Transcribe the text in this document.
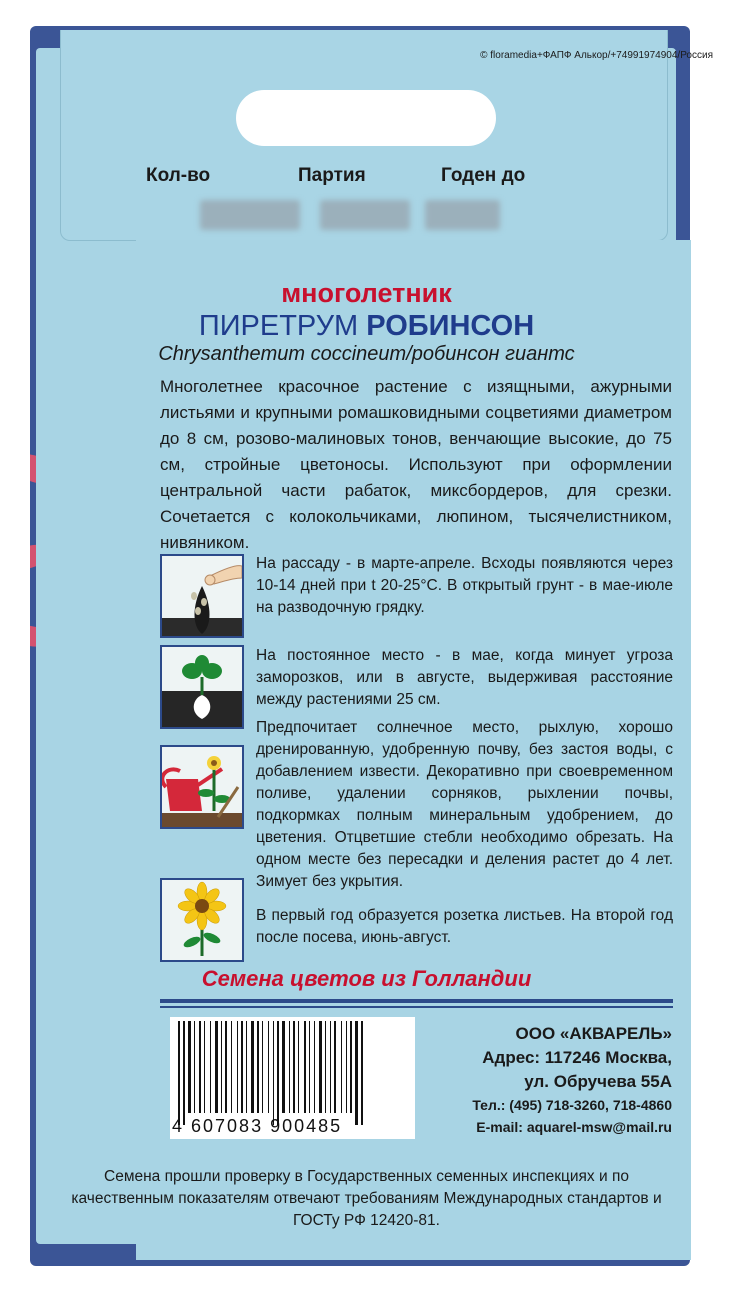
© floramedia+ФАПФ Алькор/+74991974904/Россия
Кол-во	Партия	Годен до
многолетник
ПИРЕТРУМ РОБИНСОН
Chrysanthemum coccineum/робинсон гиантс
Многолетнее красочное растение с изящными, ажурными листьями и крупными ромашковидными соцветиями диаметром до 8 см, розово-малиновых тонов, венчающие высокие, до 75 см, стройные цветоносы. Используют при оформлении центральной части рабаток, миксбордеров, для срезки. Сочетается с колокольчиками, люпином, тысячелистником, нивяником.
На рассаду - в марте-апреле. Всходы появляются через 10-14 дней при t 20-25°С. В открытый грунт - в мае-июле на разводочную грядку.
На постоянное место - в мае, когда минует угроза заморозков, или в августе, выдерживая расстояние между растениями 25 см.
Предпочитает солнечное место, рыхлую, хорошо дренированную, удобренную почву, без застоя воды, с добавлением извести. Декоративно при своевременном поливе, удалении сорняков, рыхлении почвы, подкормках полным минеральным удобрением, до цветения. Отцветшие стебли необходимо обрезать. На одном месте без пересадки и деления растет до 4 лет. Зимует без укрытия.
В первый год образуется розетка листьев. На второй год после посева, июнь-август.
Семена цветов из Голландии
4 607083 900485
ООО «АКВАРЕЛЬ»
Адрес: 117246 Москва,
ул. Обручева 55А
Тел.: (495) 718-3260, 718-4860
E-mail: aquarel-msw@mail.ru
Семена прошли проверку в Государственных семенных инспекциях и по качественным показателям отвечают требованиям Международных стандартов и ГОСТу РФ 12420-81.
